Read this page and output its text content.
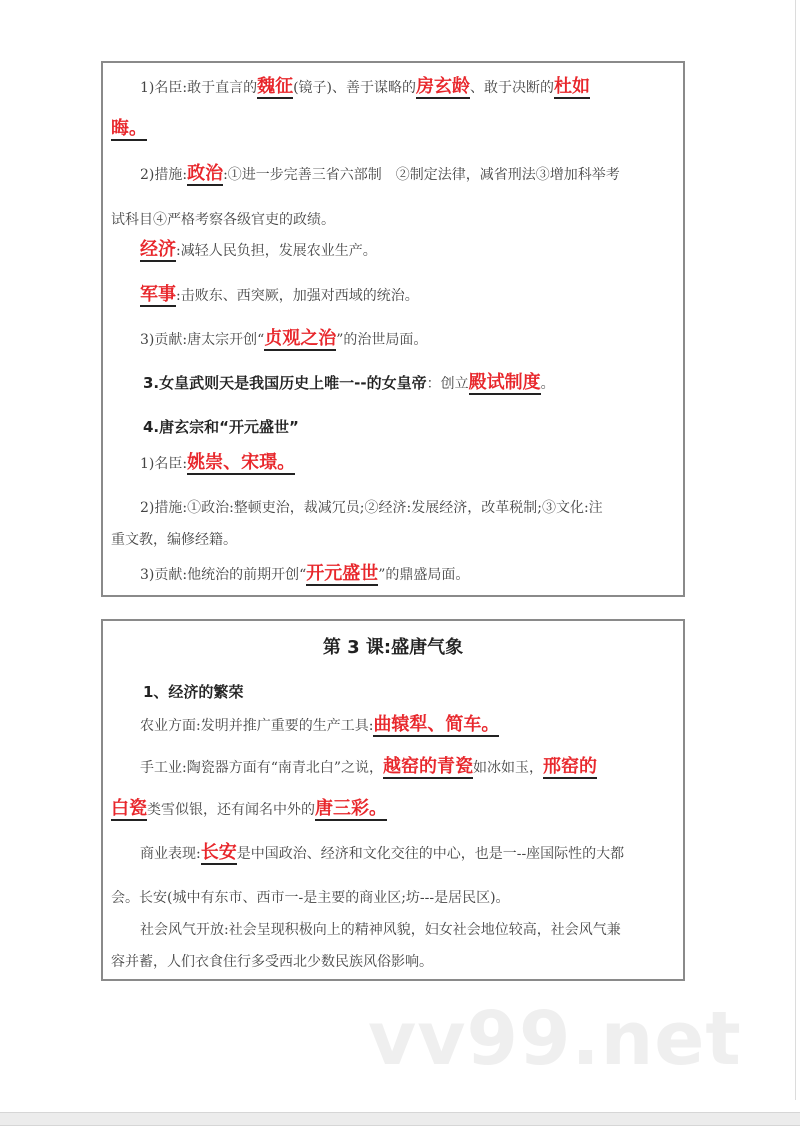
1)名臣:敢于直言的魏征(镜子)、善于谋略的房玄龄、敢于决断的杜如
晦。
2)措施:政治:①进一步完善三省六部制　②制定法律，减省刑法③增加科举考
试科目④严格考察各级官吏的政绩。
经济:减轻人民负担，发展农业生产。
军事:击败东、西突厥，加强对西域的统治。
3)贡献:唐太宗开创“贞观之治”的治世局面。
3.女皇武则天是我国历史上唯一--的女皇帝：创立殿试制度。
4.唐玄宗和“开元盛世”
1)名臣:姚崇、宋璟。
2)措施:①政治:整顿吏治，裁减冗员;②经济:发展经济，改革税制;③文化:注
重文教，编修经籍。
3)贡献:他统治的前期开创“开元盛世”的鼎盛局面。
第 3 课:盛唐气象
1、经济的繁荣
农业方面:发明并推广重要的生产工具:曲辕犁、简车。
手工业:陶瓷器方面有“南青北白”之说，越窑的青瓷如冰如玉，邢窑的
白瓷类雪似银，还有闻名中外的唐三彩。
商业表现:长安是中国政治、经济和文化交往的中心，也是一--座国际性的大都
会。长安(城中有东市、西市一-是主要的商业区;坊---是居民区)。
社会风气开放:社会呈现积极向上的精神风貌，妇女社会地位较高，社会风气兼
容并蓄，人们衣食住行多受西北少数民族风俗影响。
vv99.net
